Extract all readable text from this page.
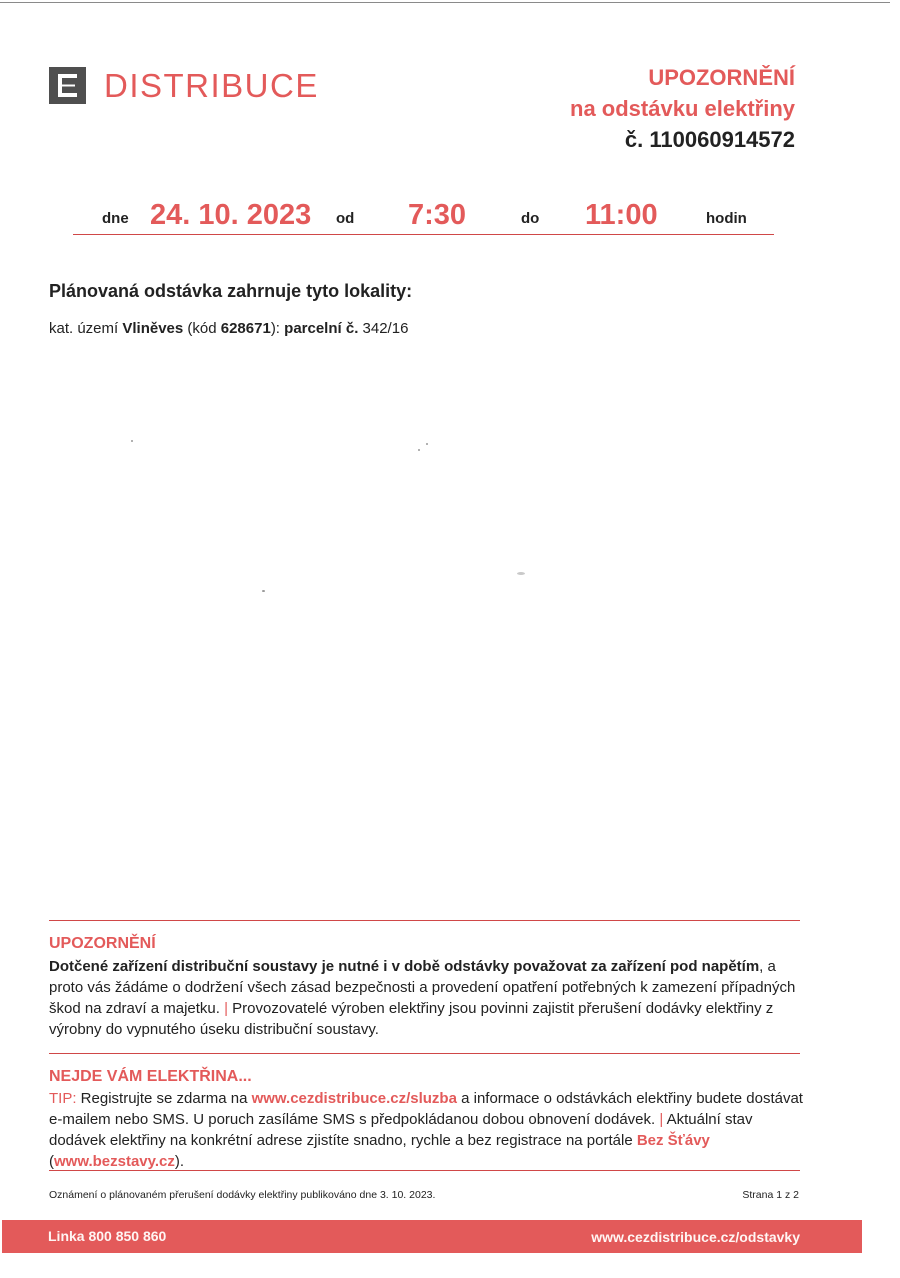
DISTRIBUCE	UPOZORNĚNÍ
na odstávku elektřiny
č. 110060914572
dne 24. 10. 2023 od 7:30	do 11:00	hodin
Plánovaná odstávka zahrnuje tyto lokality:
kat. území Vliněves (kód 628671): parcelní č. 342/16
UPOZORNĚNÍ
Dotčené zařízení distribuční soustavy je nutné i v době odstávky považovat za zařízení pod napětím, a proto vás žádáme o dodržení všech zásad bezpečnosti a provedení opatření potřebných k zamezení případných škod na zdraví a majetku. | Provozovatelé výroben elektřiny jsou povinni zajistit přerušení dodávky elektřiny z výrobny do vypnutého úseku distribuční soustavy.
NEJDE VÁM ELEKTŘINA...
TIP: Registrujte se zdarma na www.cezdistribuce.cz/sluzba a informace o odstávkách elektřiny budete dostávat e-mailem nebo SMS. U poruch zasíláme SMS s předpokládanou dobou obnovení dodávek. | Aktuální stav dodávek elektřiny na konkrétní adrese zjistíte snadno, rychle a bez registrace na portále Bez Šťávy (www.bezstavy.cz).
Oznámení o plánovaném přerušení dodávky elektřiny publikováno dne 3. 10. 2023.	Strana 1 z 2
Linka 800 850 860	www.cezdistribuce.cz/odstavky
